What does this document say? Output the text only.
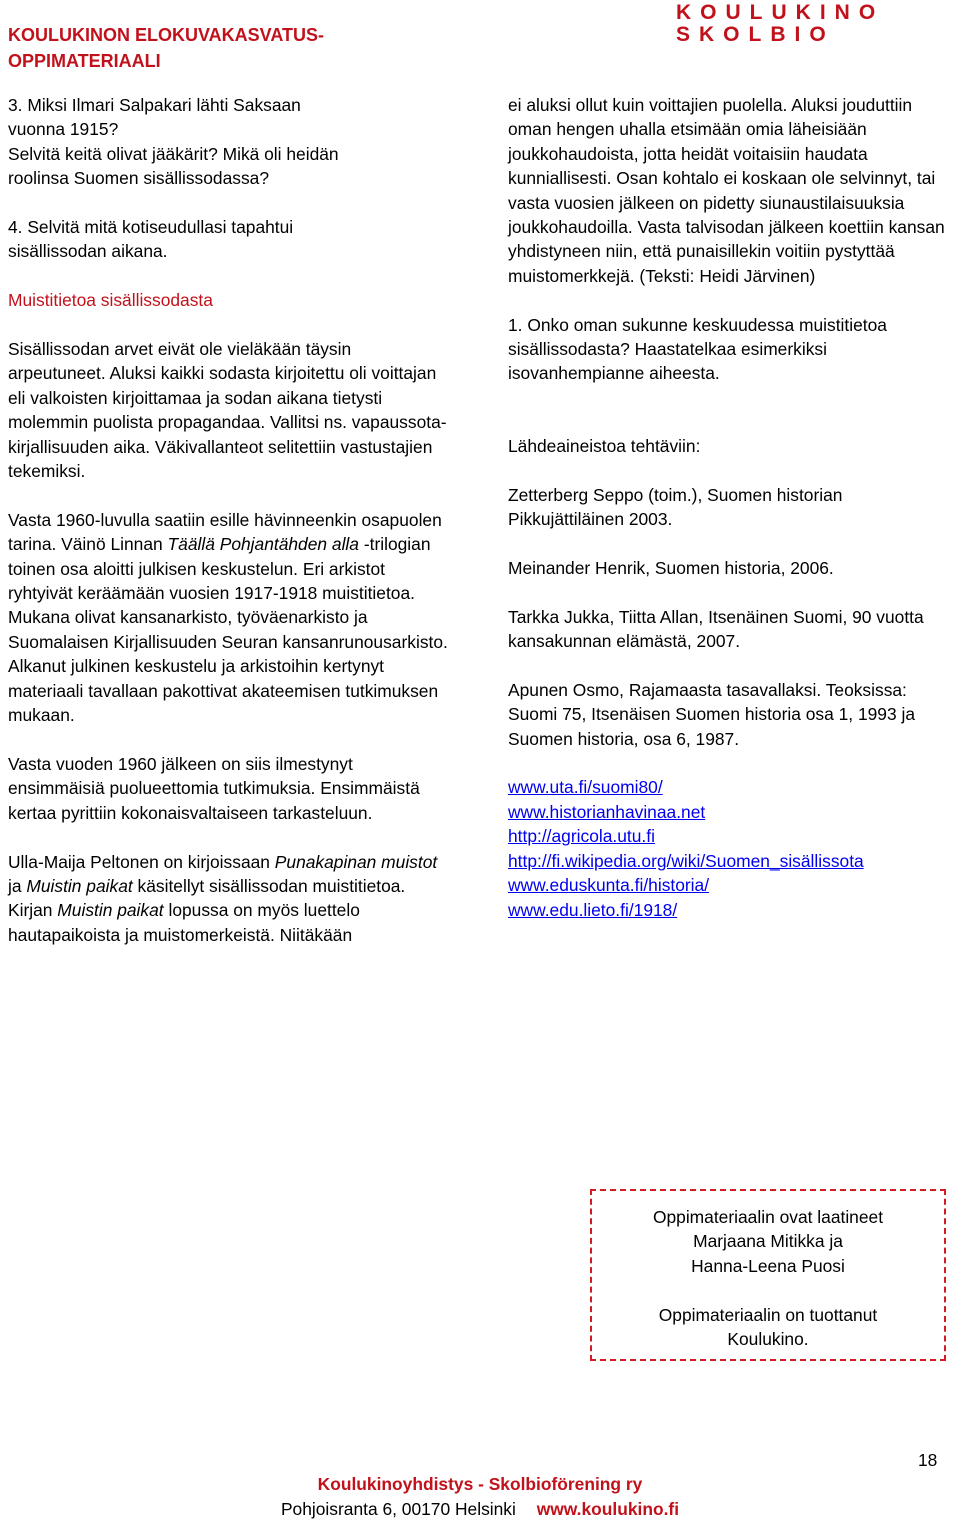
KOULUKINON ELOKUVAKASVATUS-
OPPIMATERIAALI
KOULUKINO
SKOLBIO

3. Miksi Ilmari Salpakari lähti Saksaan
vuonna 1915?
Selvitä keitä olivat jääkärit? Mikä oli heidän
roolinsa Suomen sisällissodassa?

4. Selvitä mitä kotiseudullasi tapahtui
sisällissodan aikana.

Muistitietoa sisällissodasta

Sisällissodan arvet eivät ole vieläkään täysin arpeutuneet. Aluksi kaikki sodasta kirjoitettu oli voittajan eli valkoisten kirjoittamaa ja sodan aikana tietysti molemmin puolista propagandaa. Vallitsi ns. vapaussota-kirjallisuuden aika. Väkivallanteot selitettiin vastustajien tekemiksi.

Vasta 1960-luvulla saatiin esille hävinneenkin osapuolen tarina. Väinö Linnan Täällä Pohjantähden alla -trilogian toinen osa aloitti julkisen keskustelun. Eri arkistot ryhtyivät keräämään vuosien 1917-1918 muistitietoa. Mukana olivat kansanarkisto, työväenarkisto ja Suomalaisen Kirjallisuuden Seuran kansanrunousarkisto. Alkanut julkinen keskustelu ja arkistoihin kertynyt materiaali tavallaan pakottivat akateemisen tutkimuksen mukaan.

Vasta vuoden 1960 jälkeen on siis ilmestynyt ensimmäisiä puolueettomia tutkimuksia. Ensimmäistä kertaa pyrittiin kokonaisvaltaiseen tarkasteluun.

Ulla-Maija Peltonen on kirjoissaan Punakapinan muistot ja Muistin paikat käsitellyt sisällissodan muistitietoa. Kirjan Muistin paikat lopussa on myös luettelo hautapaikoista ja muistomerkeistä. Niitäkään

ei aluksi ollut kuin voittajien puolella. Aluksi jouduttiin oman hengen uhalla etsimään omia läheisiään joukkohaudoista, jotta heidät voitaisiin haudata kunniallisesti. Osan kohtalo ei koskaan ole selvinnyt, tai vasta vuosien jälkeen on pidetty siunaustilaisuuksia joukkohaudoilla. Vasta talvisodan jälkeen koettiin kansan yhdistyneen niin, että punaisillekin voitiin pystyttää muistomerkkejä. (Teksti: Heidi Järvinen)

1. Onko oman sukunne keskuudessa muistitietoa sisällissodasta? Haastatelkaa esimerkiksi isovanhempianne aiheesta.

Lähdeaineistoa tehtäviin:

Zetterberg Seppo (toim.), Suomen historian Pikkujättiläinen 2003.

Meinander Henrik, Suomen historia, 2006.

Tarkka Jukka, Tiitta Allan, Itsenäinen Suomi, 90 vuotta kansakunnan elämästä, 2007.

Apunen Osmo, Rajamaasta tasavallaksi. Teoksissa: Suomi 75, Itsenäisen Suomen historia osa 1, 1993 ja Suomen historia, osa 6, 1987.

www.uta.fi/suomi80/
www.historianhavinaa.net
http://agricola.utu.fi
http://fi.wikipedia.org/wiki/Suomen_sisällissota
www.eduskunta.fi/historia/
www.edu.lieto.fi/1918/

Oppimateriaalin ovat laatineet
Marjaana Mitikka ja
Hanna-Leena Puosi

Oppimateriaalin on tuottanut
Koulukino.

18
Koulukinoyhdistys - Skolbioförening ry
Pohjoisranta 6, 00170 Helsinki www.koulukino.fi
